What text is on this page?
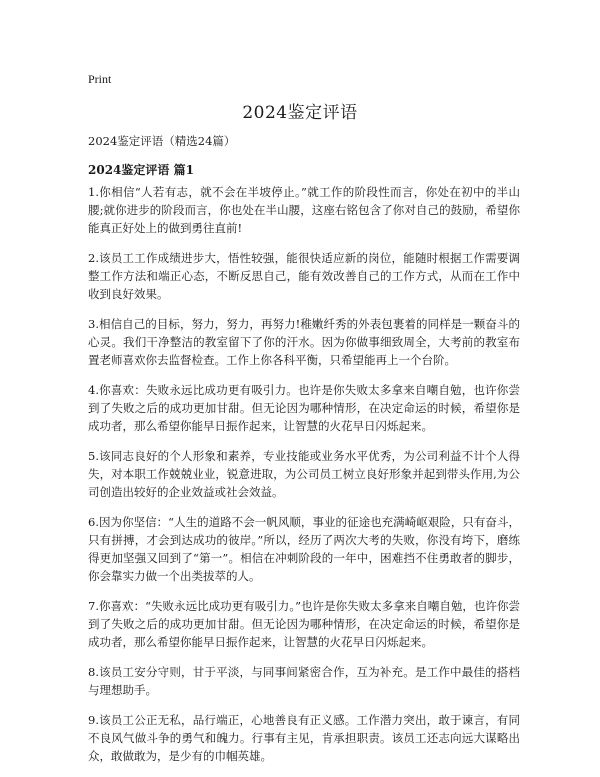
Print
2024鉴定评语

2024鉴定评语（精选24篇）

2024鉴定评语 篇1

1.你相信“人若有志，就不会在半坡停止。”就工作的阶段性而言，你处在初中的半山腰;就你进步的阶段而言，你也处在半山腰，这座右铭包含了你对自己的鼓励，希望你能真正好处上的做到勇往直前!

2.该员工工作成绩进步大，悟性较强，能很快适应新的岗位，能随时根据工作需要调整工作方法和端正心态，不断反思自己，能有效改善自己的工作方式，从而在工作中收到良好效果。

3.相信自己的目标，努力，努力，再努力!稚嫩纤秀的外表包裹着的同样是一颗奋斗的心灵。我们干净整洁的教室留下了你的汗水。因为你做事细致周全，大考前的教室布置老师喜欢你去监督检查。工作上你各科平衡，只希望能再上一个台阶。

4.你喜欢：失败永远比成功更有吸引力。也许是你失败太多拿来自嘲自勉，也许你尝到了失败之后的成功更加甘甜。但无论因为哪种情形，在决定命运的时候，希望你是成功者，那么希望你能早日振作起来，让智慧的火花早日闪烁起来。

5.该同志良好的个人形象和素养，专业技能或业务水平优秀，为公司利益不计个人得失，对本职工作兢兢业业，锐意进取，为公司员工树立良好形象并起到带头作用,为公司创造出较好的企业效益或社会效益。

6.因为你坚信：“人生的道路不会一帆风顺，事业的征途也充满崎岖艰险，只有奋斗，只有拼搏，才会到达成功的彼岸。”所以，经历了两次大考的失败，你没有垮下，磨练得更加坚强又回到了“第一”。相信在冲刺阶段的一年中，困难挡不住勇敢者的脚步，你会靠实力做一个出类拔萃的人。

7.你喜欢：“失败永远比成功更有吸引力。”也许是你失败太多拿来自嘲自勉，也许你尝到了失败之后的成功更加甘甜。但无论因为哪种情形，在决定命运的时候，希望你是成功者，那么希望你能早日振作起来，让智慧的火花早日闪烁起来。

8.该员工安分守则，甘于平淡，与同事间紧密合作，互为补充。是工作中最佳的搭档与理想助手。

9.该员工公正无私，品行端正，心地善良有正义感。工作潜力突出，敢于谏言，有同不良风气做斗争的勇气和魄力。行事有主见，肯承担职责。该员工还志向远大谋略出众，敢做敢为，是少有的巾帼英雄。
